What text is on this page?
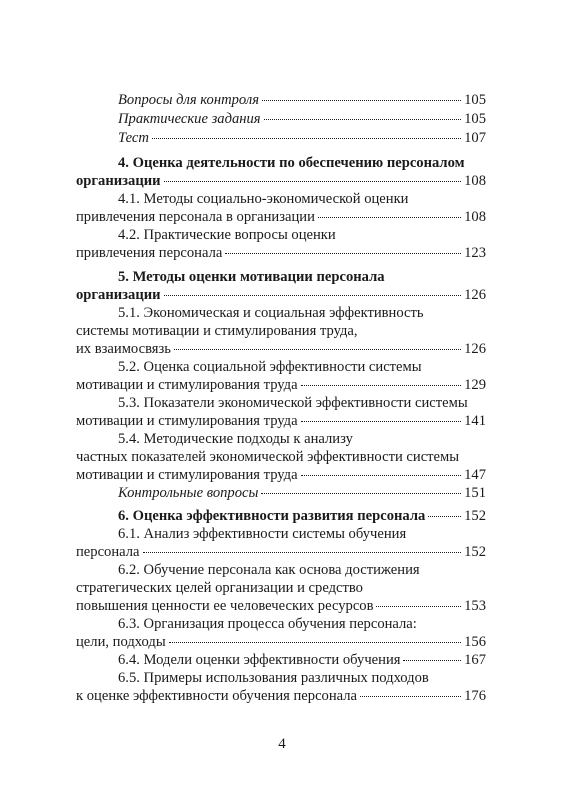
Вопросы для контроля	105
Практические задания	105
Тест	107
4. Оценка деятельности по обеспечению персоналом
организации	108
4.1. Методы социально-экономической оценки
привлечения персонала в организации	108
4.2. Практические вопросы оценки
привлечения персонала	123
5. Методы оценки мотивации персонала
организации	126
5.1. Экономическая и социальная эффективность
системы мотивации и стимулирования труда,
их взаимосвязь	126
5.2. Оценка социальной эффективности системы
мотивации и стимулирования труда	129
5.3. Показатели экономической эффективности системы
мотивации и стимулирования труда	141
5.4. Методические подходы к анализу
частных показателей экономической эффективности системы
мотивации и стимулирования труда	147
Контрольные вопросы	151
6. Оценка эффективности развития персонала	152
6.1. Анализ эффективности системы обучения
персонала	152
6.2. Обучение персонала как основа достижения
стратегических целей организации и средство
повышения ценности ее человеческих ресурсов	153
6.3. Организация процесса обучения персонала:
цели, подходы	156
6.4. Модели оценки эффективности обучения	167
6.5. Примеры использования различных подходов
к оценке эффективности обучения персонала	176
4
